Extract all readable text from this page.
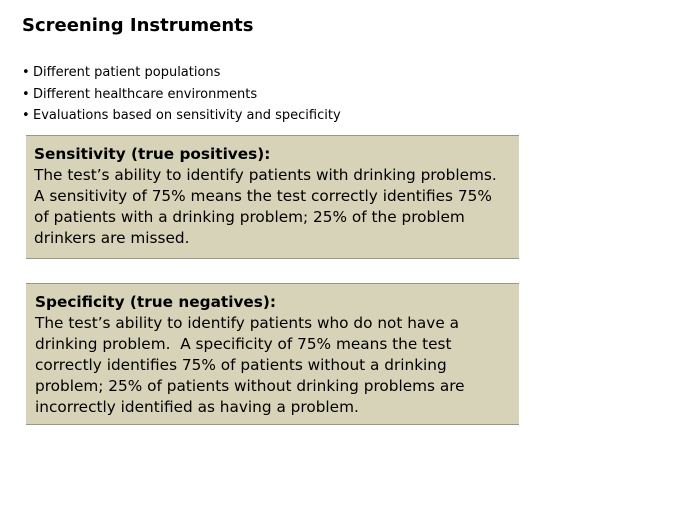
Screening Instruments
• Different patient populations
• Different healthcare environments
• Evaluations based on sensitivity and specificity
Sensitivity (true positives):
The test’s ability to identify patients with drinking problems. A sensitivity of 75% means the test correctly identifies 75% of patients with a drinking problem; 25% of the problem drinkers are missed.
Specificity (true negatives):
The test’s ability to identify patients who do not have a drinking problem.  A specificity of 75% means the test correctly identifies 75% of patients without a drinking problem; 25% of patients without drinking problems are incorrectly identified as having a problem.
